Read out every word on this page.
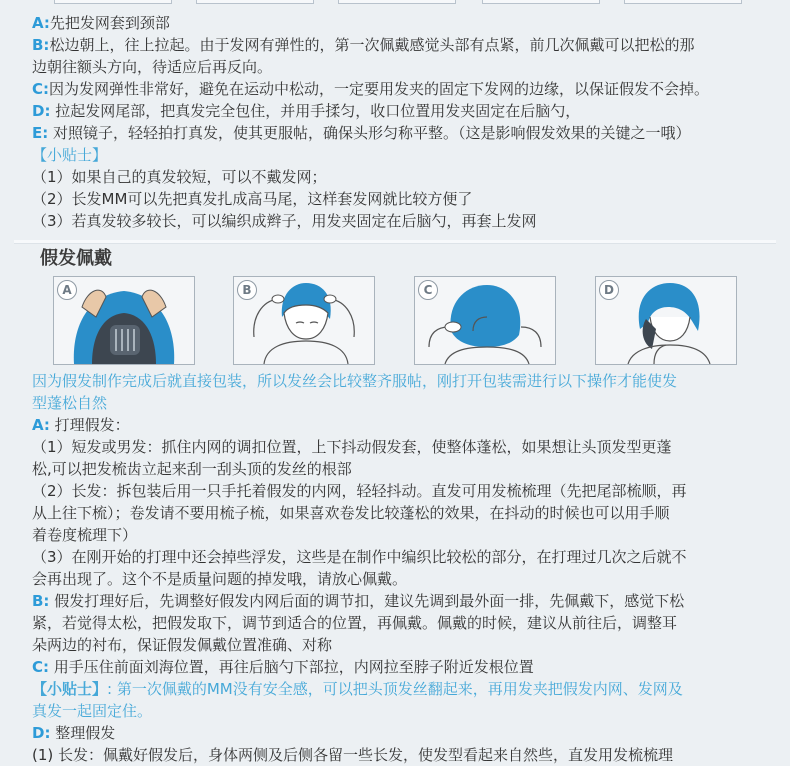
A:先把发网套到颈部
B:松边朝上，往上拉起。由于发网有弹性的，第一次佩戴感觉头部有点紧，前几次佩戴可以把松的那
边朝往额头方向，待适应后再反向。
C:因为发网弹性非常好，避免在运动中松动，一定要用发夹的固定下发网的边缘，以保证假发不会掉。
D: 拉起发网尾部，把真发完全包住，并用手揉匀，收口位置用发夹固定在后脑勺，
E: 对照镜子，轻轻拍打真发，使其更服帖，确保头形匀称平整。（这是影响假发效果的关键之一哦）
【小贴士】
（1）如果自己的真发较短，可以不戴发网；
（2）长发MM可以先把真发扎成高马尾，这样套发网就比较方便了
（3）若真发较多较长，可以编织成辫子，用发夹固定在后脑勺，再套上发网
假发佩戴
A	B	C	D
因为假发制作完成后就直接包装，所以发丝会比较整齐服帖，刚打开包装需进行以下操作才能使发
型蓬松自然
A: 打理假发：
（1）短发或男发：抓住内网的调扣位置，上下抖动假发套，使整体蓬松，如果想让头顶发型更蓬
松,可以把发梳齿立起来刮一刮头顶的发丝的根部
（2）长发：拆包装后用一只手托着假发的内网，轻轻抖动。直发可用发梳梳理（先把尾部梳顺，再
从上往下梳）；卷发请不要用梳子梳，如果喜欢卷发比较蓬松的效果，在抖动的时候也可以用手顺
着卷度梳理下）
（3）在刚开始的打理中还会掉些浮发，这些是在制作中编织比较松的部分，在打理过几次之后就不
会再出现了。这个不是质量问题的掉发哦，请放心佩戴。
B: 假发打理好后，先调整好假发内网后面的调节扣，建议先调到最外面一排，先佩戴下，感觉下松
紧，若觉得太松，把假发取下，调节到适合的位置，再佩戴。佩戴的时候，建议从前往后，调整耳
朵两边的衬布，保证假发佩戴位置准确、对称
C: 用手压住前面刘海位置，再往后脑勺下部拉，内网拉至脖子附近发根位置
【小贴士】: 第一次佩戴的MM没有安全感，可以把头顶发丝翻起来，再用发夹把假发内网、发网及
真发一起固定住。
D: 整理假发
(1) 长发：佩戴好假发后，身体两侧及后侧各留一些长发，使发型看起来自然些，直发用发梳梳理
